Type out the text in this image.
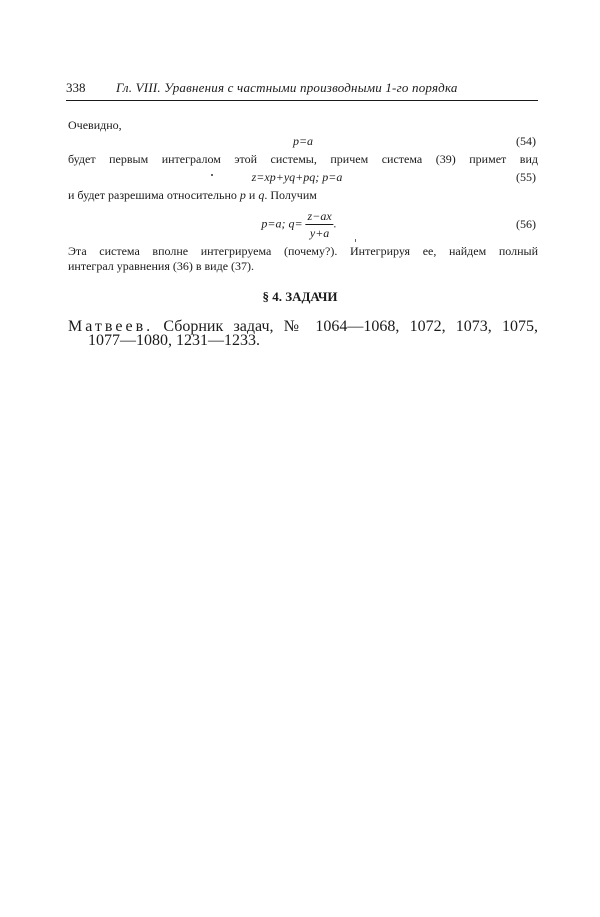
338 Гл. VIII. Уравнения с частными производными 1-го порядка
Очевидно,
p=a	(54)
будет первым интегралом этой системы, причем система (39) примет вид
z=xp+yq+pq; p=a	(55)
и будет разрешима относительно p и q. Получим
p=a; $q= \frac{z-ax}{y+a}$ .	(56)
Эта система вполне интегрируема (почему?). Интегрируя ее, найдем полный
интеграл уравнения (36) в виде (37).
§ 4. ЗАДАЧИ
Матвеев. Сборник задач, № 1064—1068, 1072, 1073, 1075,
1077—1080, 1231—1233.
